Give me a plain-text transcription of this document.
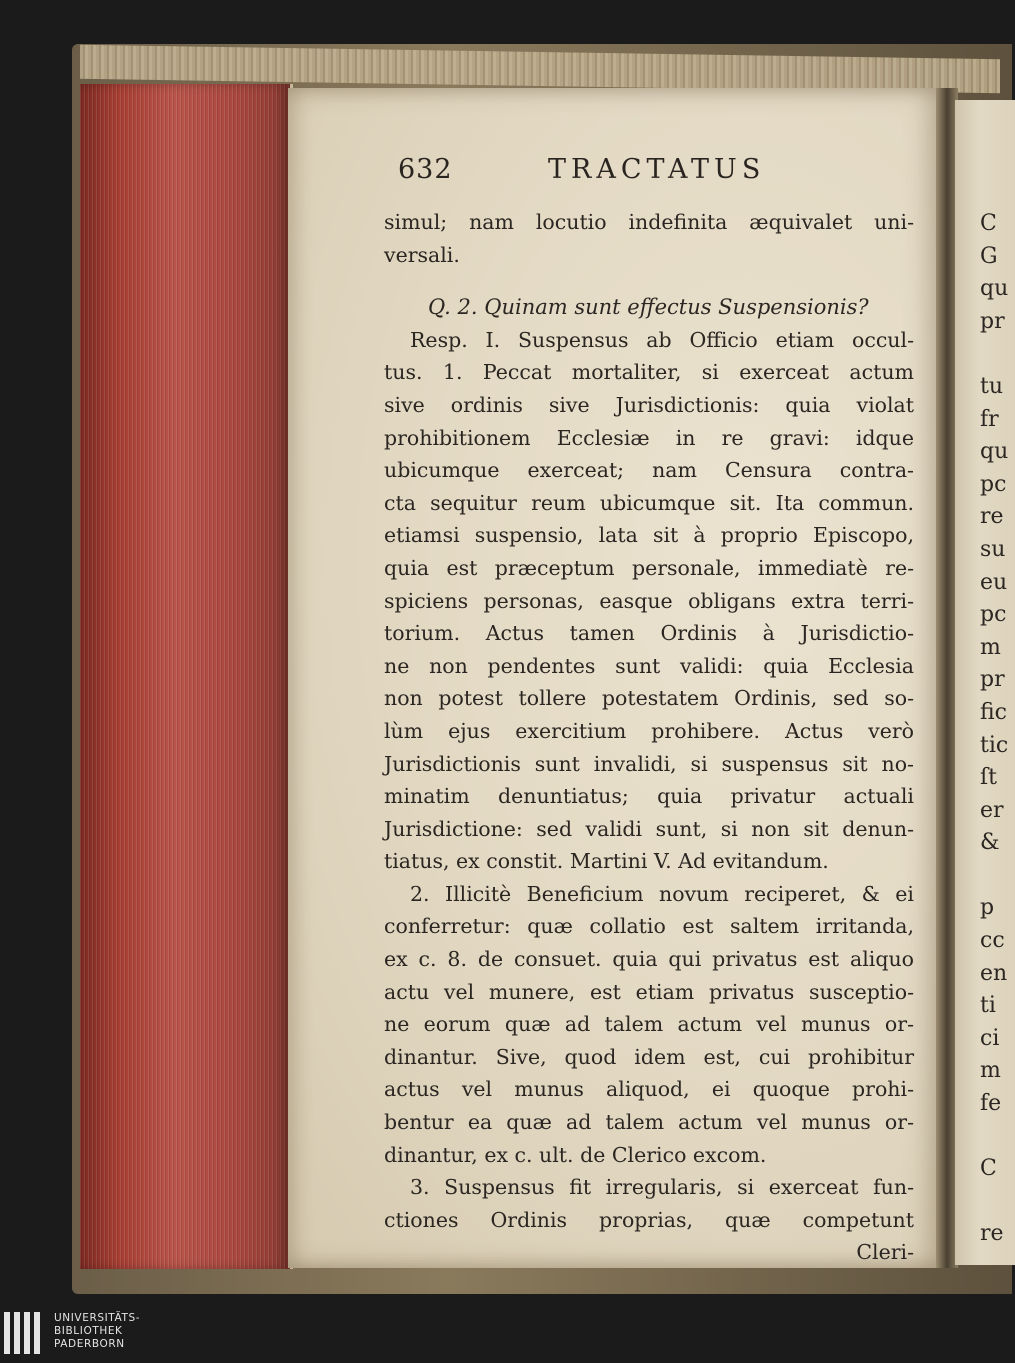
632	TRACTATUS
simul; nam locutio indefinita æquivalet uni-
versali.
Q. 2. Quinam sunt effectus Suspensionis?
Resp. I. Suspensus ab Officio etiam occul-
tus. 1. Peccat mortaliter, si exerceat actum
sive ordinis sive Jurisdictionis: quia violat
prohibitionem Ecclesiæ in re gravi: idque
ubicumque exerceat; nam Censura contra-
cta sequitur reum ubicumque sit. Ita commun.
etiamsi suspensio, lata sit à proprio Episcopo,
quia est præceptum personale, immediatè re-
spiciens personas, easque obligans extra terri-
torium. Actus tamen Ordinis à Jurisdictio-
ne non pendentes sunt validi: quia Ecclesia
non potest tollere potestatem Ordinis, sed so-
lùm ejus exercitium prohibere. Actus verò
Jurisdictionis sunt invalidi, si suspensus sit no-
minatim denuntiatus; quia privatur actuali
Jurisdictione: sed validi sunt, si non sit denun-
tiatus, ex constit. Martini V. Ad evitandum.
2. Illicitè Beneficium novum reciperet, & ei
conferretur: quæ collatio est saltem irritanda,
ex c. 8. de consuet. quia qui privatus est aliquo
actu vel munere, est etiam privatus susceptio-
ne eorum quæ ad talem actum vel munus or-
dinantur. Sive, quod idem est, cui prohibitur
actus vel munus aliquod, ei quoque prohi-
bentur ea quæ ad talem actum vel munus or-
dinantur, ex c. ult. de Clerico excom.
3. Suspensus fit irregularis, si exerceat fun-
ctiones Ordinis proprias, quæ competunt
Cleri-
C
G
qu
pr
tu
fr
qu
pc
re
su
eu
pc
m
pr
fic
tic
ſt
er
&
p
cc
en
ti
ci
m
fe
C
re
UNIVERSITÄTS-
BIBLIOTHEK
PADERBORN
